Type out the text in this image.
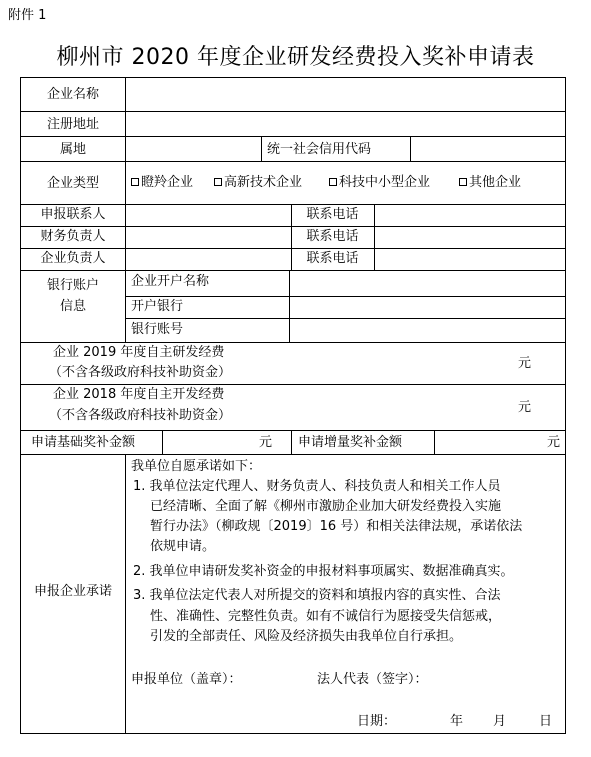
附件 1
柳州市 2020 年度企业研发经费投入奖补申请表
企业名称
注册地址
属地	统一社会信用代码
企业类型	瞪羚企业	高新技术企业	科技中小型企业	其他企业
申报联系人	联系电话
财务负责人	联系电话
企业负责人	联系电话
银行账户
信息
企业开户名称
开户银行
银行账号
企业 2019 年度自主研发经费
（不含各级政府科技补助资金）
元
企业 2018 年度自主开发经费
（不含各级政府科技补助资金）
元
申请基础奖补金额	元 申请增量奖补金额	元
申报企业承诺
我单位自愿承诺如下：
1. 我单位法定代理人、财务负责人、科技负责人和相关工作人员
已经清晰、全面了解《柳州市激励企业加大研发经费投入实施
暂行办法》（柳政规〔2019〕16 号）和相关法律法规，承诺依法
依规申请。
2. 我单位申请研发奖补资金的申报材料事项属实、数据准确真实。
3. 我单位法定代表人对所提交的资料和填报内容的真实性、合法
性、准确性、完整性负责。如有不诚信行为愿接受失信惩戒，
引发的全部责任、风险及经济损失由我单位自行承担。
申报单位（盖章）：	法人代表（签字）：
日期：	年 月	日
